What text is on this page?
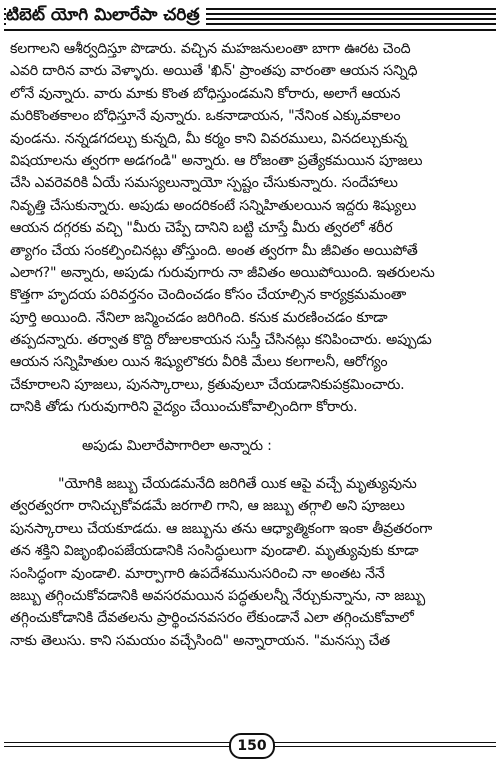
టిబెట్ యోగి మిలారేపా చరిత్ర
కలగాలని ఆశీర్వదిస్తూ పొడారు. వచ్చిన మహజనులంతా బాగా ఊరట చెంది
ఎవరి దారిన వారు వెళ్ళారు. అయితే 'ఖిన్' ప్రాంతపు వారంతా ఆయన సన్నిధి
లోనే వున్నారు. వారు మాకు కొంత బోధిస్తుండమని కోరారు, అలాగే ఆయన
మరికొంతకాలం బోధిస్తూనే వున్నారు. ఒకనాడాయన, "నేనింక ఎక్కువకాలం
వుండను. నన్నడగదల్చు కున్నది, మీ కర్మం కాని వివరములు, వినదల్చుకున్న
విషయాలను త్వరగా అడగండి" అన్నారు. ఆ రోజంతా ప్రత్యేకమయిన పూజలు
చేసి ఎవరెవరికి ఏయే సమస్యలున్నాయో స్పష్టం చేసుకున్నారు. సందేహాలు
నివృత్తి చేసుకున్నారు. అపుడు అందరికంటే సన్నిహితులయిన ఇద్దరు శిష్యులు
ఆయన దగ్గరకు వచ్చి "మీరు చెప్పే దానిని బట్టి చూస్తే మీరు త్వరలో శరీర
త్యాగం చేయ సంకల్పించినట్లు తోస్తుంది. అంత త్వరగా మీ జీవితం అయిపోతే
ఎలాగ?" అన్నారు, అపుడు గురువుగారు నా జీవితం అయిపోయింది. ఇతరులను
కొత్తగా హృదయ పరివర్తనం చెందించడం కోసం చేయాల్సిన కార్యక్రమమంతా
పూర్తి అయింది. నేనిలా జన్మించడం జరిగింది. కనుక మరణించడం కూడా
తప్పదన్నారు. తర్వాత కొద్ది రోజులకాయన సుస్తీ చేసినట్లు కనిపించారు. అప్పుడు
ఆయన సన్నిహితుల యిన శిష్యులొకరు వీరికి మేలు కలగాలనీ, ఆరోగ్యం
చేకూరాలని పూజలు, పునస్కారాలు, క్రతువులూ చేయడానికుపక్రమించారు.
దానికి తోడు గురువుగారిని వైద్యం చేయించుకోవాల్సిందిగా కోరారు.
అపుడు మిలారేపాగారిలా అన్నారు :
"యోగికి జబ్బు చేయడమనేది జరిగితే యిక ఆపై వచ్చే మృత్యువును
త్వరత్వరగా రానిచ్చుకోవడమే జరగాలి గాని, ఆ జబ్బు తగ్గాలి అని పూజలు
పునస్కారాలు చేయకూడదు. ఆ జబ్బును తను ఆధ్యాత్మికంగా ఇంకా తీవ్రతరంగా
తన శక్తిని విజృంభింపజేయడానికి సంసిద్ధులుగా వుండాలి. మృత్యువుకు కూడా
సంసిద్ధంగా వుండాలి. మార్పాగారి ఉపదేశమునుసరించి నా అంతట నేనే
జబ్బు తగ్గించుకోవడానికి అవసరమయిన పద్ధతులన్నీ నేర్చుకున్నాను, నా జబ్బు
తగ్గించుకోడానికి దేవతలను ప్రార్థించనవసరం లేకుండానే ఎలా తగ్గించుకోవాలో
నాకు తెలుసు. కాని సమయం వచ్చేసింది" అన్నారాయన. "మనస్సు చేత
150
